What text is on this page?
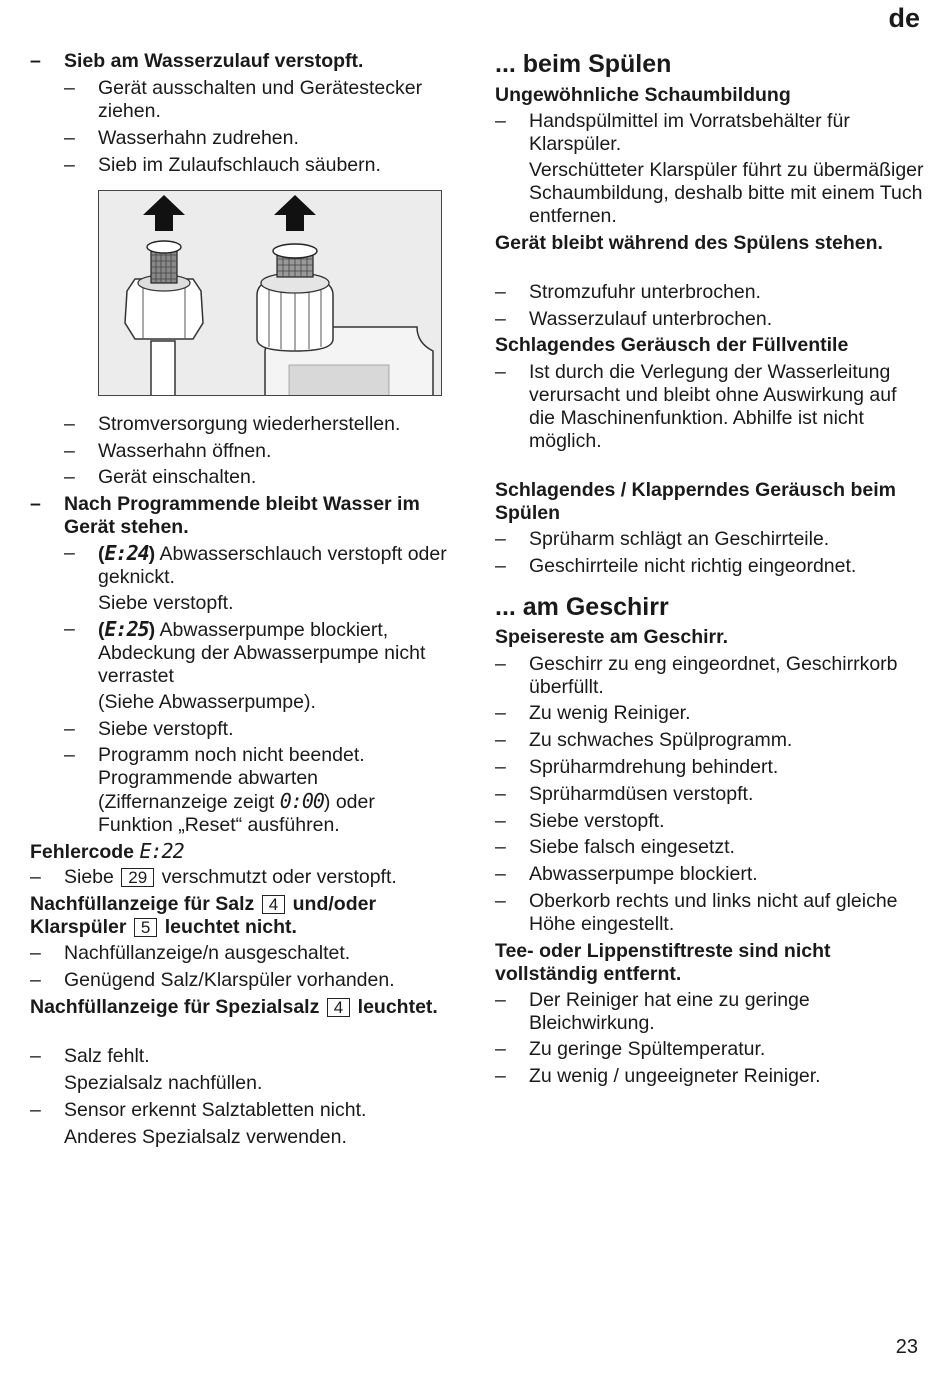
de
–	Sieb am Wasserzulauf verstopft.
–	Gerät ausschalten und Gerätestecker ziehen.
–	Wasserhahn zudrehen.
–	Sieb im Zulaufschlauch säubern.
–	Stromversorgung wiederherstellen.
–	Wasserhahn öffnen.
–	Gerät einschalten.
–	Nach Programmende bleibt Wasser im Gerät stehen.
–	(E:24) Abwasserschlauch verstopft oder geknickt.
Siebe verstopft.
–	(E:25) Abwasserpumpe blockiert, Abdeckung der Abwasserpumpe nicht verrastet
(Siehe Abwasserpumpe).
–	Siebe verstopft.
–	Programm noch nicht beendet. Programmende abwarten (Ziffernanzeige zeigt 0:00) oder Funktion „Reset“ ausführen.
Fehlercode E:22
–	Siebe 29 verschmutzt oder verstopft.
Nachfüllanzeige für Salz 4 und/oder Klarspüler 5 leuchtet nicht.
–	Nachfüllanzeige/n ausgeschaltet.
–	Genügend Salz/Klarspüler vorhanden.
Nachfüllanzeige für Spezialsalz 4 leuchtet.
–	Salz fehlt.
Spezialsalz nachfüllen.
–	Sensor erkennt Salztabletten nicht.
Anderes Spezialsalz verwenden.
... beim Spülen
Ungewöhnliche Schaumbildung
–	Handspülmittel im Vorratsbehälter für Klarspüler.
Verschütteter Klarspüler führt zu übermäßiger Schaumbildung, deshalb bitte mit einem Tuch entfernen.
Gerät bleibt während des Spülens stehen.
–	Stromzufuhr unterbrochen.
–	Wasserzulauf unterbrochen.
Schlagendes Geräusch der Füllventile
–	Ist durch die Verlegung der Wasserleitung verursacht und bleibt ohne Auswirkung auf die Maschinenfunktion. Abhilfe ist nicht möglich.
Schlagendes / Klapperndes Geräusch beim Spülen
–	Sprüharm schlägt an Geschirrteile.
–	Geschirrteile nicht richtig eingeordnet.
... am Geschirr
Speisereste am Geschirr.
–	Geschirr zu eng eingeordnet, Geschirrkorb überfüllt.
–	Zu wenig Reiniger.
–	Zu schwaches Spülprogramm.
–	Sprüharmdrehung behindert.
–	Sprüharmdüsen verstopft.
–	Siebe verstopft.
–	Siebe falsch eingesetzt.
–	Abwasserpumpe blockiert.
–	Oberkorb rechts und links nicht auf gleiche Höhe eingestellt.
Tee- oder Lippenstiftreste sind nicht vollständig entfernt.
–	Der Reiniger hat eine zu geringe Bleichwirkung.
–	Zu geringe Spültemperatur.
–	Zu wenig / ungeeigneter Reiniger.
23
